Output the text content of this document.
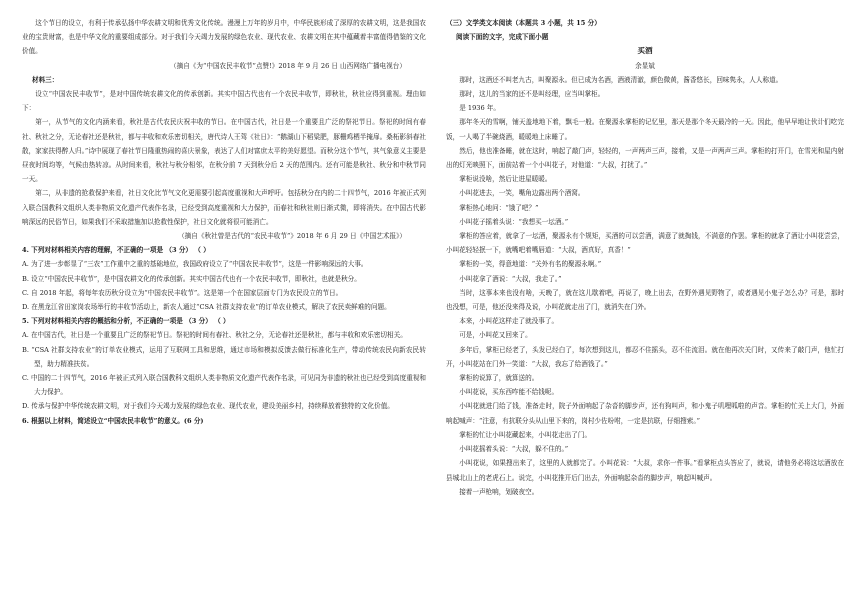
这个节日的设立，有利于传承弘扬中华农耕文明和优秀文化传统。漫漫上万年的岁月中，中华民族形成了深厚的农耕文明，这是我国农业的宝贵财富，也是中华文化的重要组成部分。对于我们今天竭力发展的绿色农业、现代农业、农耕文明在其中蕴藏着丰富值得借鉴的文化价值。

（摘自《为“中国农民丰收节”点赞!》2018 年 9 月 26 日 山西网络广播电视台）

材料三：

设立“中国农民丰收节”，是对中国传统农耕文化的传承创新。其实中国古代也有一个农民丰收节，即秋社，秋社应得到重视。理由如下：

第一，从节气的文化内涵来看，秋社是古代农民庆祝丰收的节日。在中国古代，社日是一个重要且广泛的祭祀节日。祭祀的时间有春社、秋社之分，无论春社还是秋社，都与丰收和欢乐密切相关，唐代诗人王驾《社日》：“鹅湖山下稻粱肥，豚栅鸡栖半掩扉。桑柘影斜春社散，家家扶得醉人归。”诗中展现了春社节日隆重热闹的喜庆景象，表达了人们对富庶太平的美好愿望。而秋分这个节气，其气象意义主要是昼夜时间均等，气候由热转凉。从时间来看，秋社与秋分相邻，在秋分前 7 天到秋分后 2 天的范围内。还有可能是秋社、秋分和中秋节同一天。

第二，从非遗的抢救保护来看，社日文化比节气文化更需要引起高度重视和大声呼吁。包括秋分在内的二十四节气，2016 年被正式列入联合国教科文组织人类非物质文化遗产代表作名录，已经受到高度重视和大力保护，而春社和秋社则日渐式微，即将消失。在中国古代影响深远的民俗节日，如果我们不采取措施加以抢救性保护，社日文化就将很可能消亡。

（摘自《秋社曾是古代的“农民丰收节”》2018 年 6 月 29 日《中国艺术报》）

4. 下列对材料相关内容的理解，不正确的一项是 （3 分） （ ）

A. 为了进一步彰显了“三农”工作重中之重的基础地位，我国政府设立了“中国农民丰收节”，这是一件影响深远的大事。

B. 设立“中国农民丰收节”，是中国农耕文化的传承创新。其实中国古代也有一个农民丰收节，即秋社，也就是秋分。

C. 自 2018 年起，将每年农历秋分设立为“中国农民丰收节”。这是第一个在国家层面专门为农民设立的节日。

D. 在黑龙江省田家岗农场举行的丰收节活动上，新农人通过“CSA 社群支持农业”的订单农业模式，解决了农民卖鲜难的问题。

5. 下列对材料相关内容的概括和分析，不正确的一项是 （3 分） （ ）

A. 在中国古代，社日是一个重要且广泛的祭祀节日。祭祀的时间有春社、秋社之分，无论春社还是秋社，都与丰收和欢乐密切相关。

B. “CSA 社群支持农业”的订单农业模式，运用了互联网工具和思维，通过市场和模拟反馈去做行标准化生产，带动传统农民向新农民转型，助力精准扶贫。

C. 中国的二十四节气，2016 年被正式列入联合国教科文组织人类非物质文化遗产代表作名录，可见同为非遗的秋社也已经受到高度重视和大力保护。

D. 传承与保护中华传统农耕文明，对于我们今天竭力发展的绿色农业、现代农业，建设美丽乡村，持续释放着独特的文化价值。

6. 根据以上材料，简述设立“中国农民丰收节”的意义。(6 分)

（三）文学类文本阅读（本题共 3 小题，共 15 分）

阅读下面的文字，完成下面小题

买酒

余显斌

那时，这酒还不叫老九古，叫聚源永。但已成为名酒，酒液清澈，颜色微黄，酱香悠长，回味隽永，人人称道。

那时，这儿的当家的还不是叫经理，应当叫掌柜。

是 1936 年。

那年冬天的雪啊，铺天盖地地下着，飘毛一般。在聚源永掌柜的记忆里，那天是那个冬天最冷的一天。因此，他早早地让伙计们吃完饭，一人喝了半碗烧酒，暖暖地上床睡了。

然后，他也准备睡，就在这时，响起了敲门声，轻轻的，一声两声三声，接着，又是一声两声三声。掌柜的打开门，在雪光和屋内射出的灯光映照下，面前站着一个小叫花子，对他道：“大叔，打扰了。”

掌柜说没啥，然后让进屋暖暖。

小叫花进去，一笑，嘴角边露出两个酒窝。

掌柜热心地问：“饿了吧？”

小叫花子摇着头说：“我想买一坛酒。”

掌柜的答应着，就拿了一坛酒，聚源永有个规矩，买酒的可以尝酒，满意了就掏钱，不满意的作罢。掌柜的就拿了酒让小叫花尝尝，小叫花轻轻抿一下，就嘴吧着嘴唇道：“大叔，酒真好，真香！”

掌柜的一笑，得意地道：“关外有名的聚源永啊。”

小叫花拿了酒说：“大叔，我走了。”

当时，这事本来也没有啥，天晚了，就在这儿歇着吧，再说了，晚上出去，在野外遇见野物了，或者遇见小鬼子怎么办？可是，那时也没想，可是，他还没来得及说，小叫花就走出了门，就消失在门外。

本来，小叫花这样走了就没事了。

可是，小叫花又回来了。

多年后，掌柜已经老了，头发已经白了，每次想到这儿，都忍不住摇头，忍不住流泪。就在他再次关门时，又传来了敲门声，他忙打开，小叫花站在门外一笑道：“大叔，我忘了给酒钱了。”

掌柜的说算了，就算送的。

小叫花说，买东西咋能不给钱呢。

小叫花就进门给了钱，准备走时，院子外面响起了杂沓的脚步声，还有狗叫声，和小鬼子叽哩呱啦的声音。掌柜的忙关上大门，外面响起喊声：“注意，有抗联分头从山里下来的，岗村少佐吩咐，一定是抗联，仔细搜索。”

掌柜的忙让小叫花藏起来，小叫花走出了门。

小叫花摇着头说：“大叔，躲不住的。”

小叫花说，如果搜出来了，这里的人就都完了。小叫花说：“大叔，求你一件事。”看掌柜点头答应了，就说，请他务必将这坛酒放在县城北山上的老虎石上。说完，小叫花推开后门出去，外面响起杂沓的脚步声，响起叫喊声。

接着一声枪响，划破夜空。
